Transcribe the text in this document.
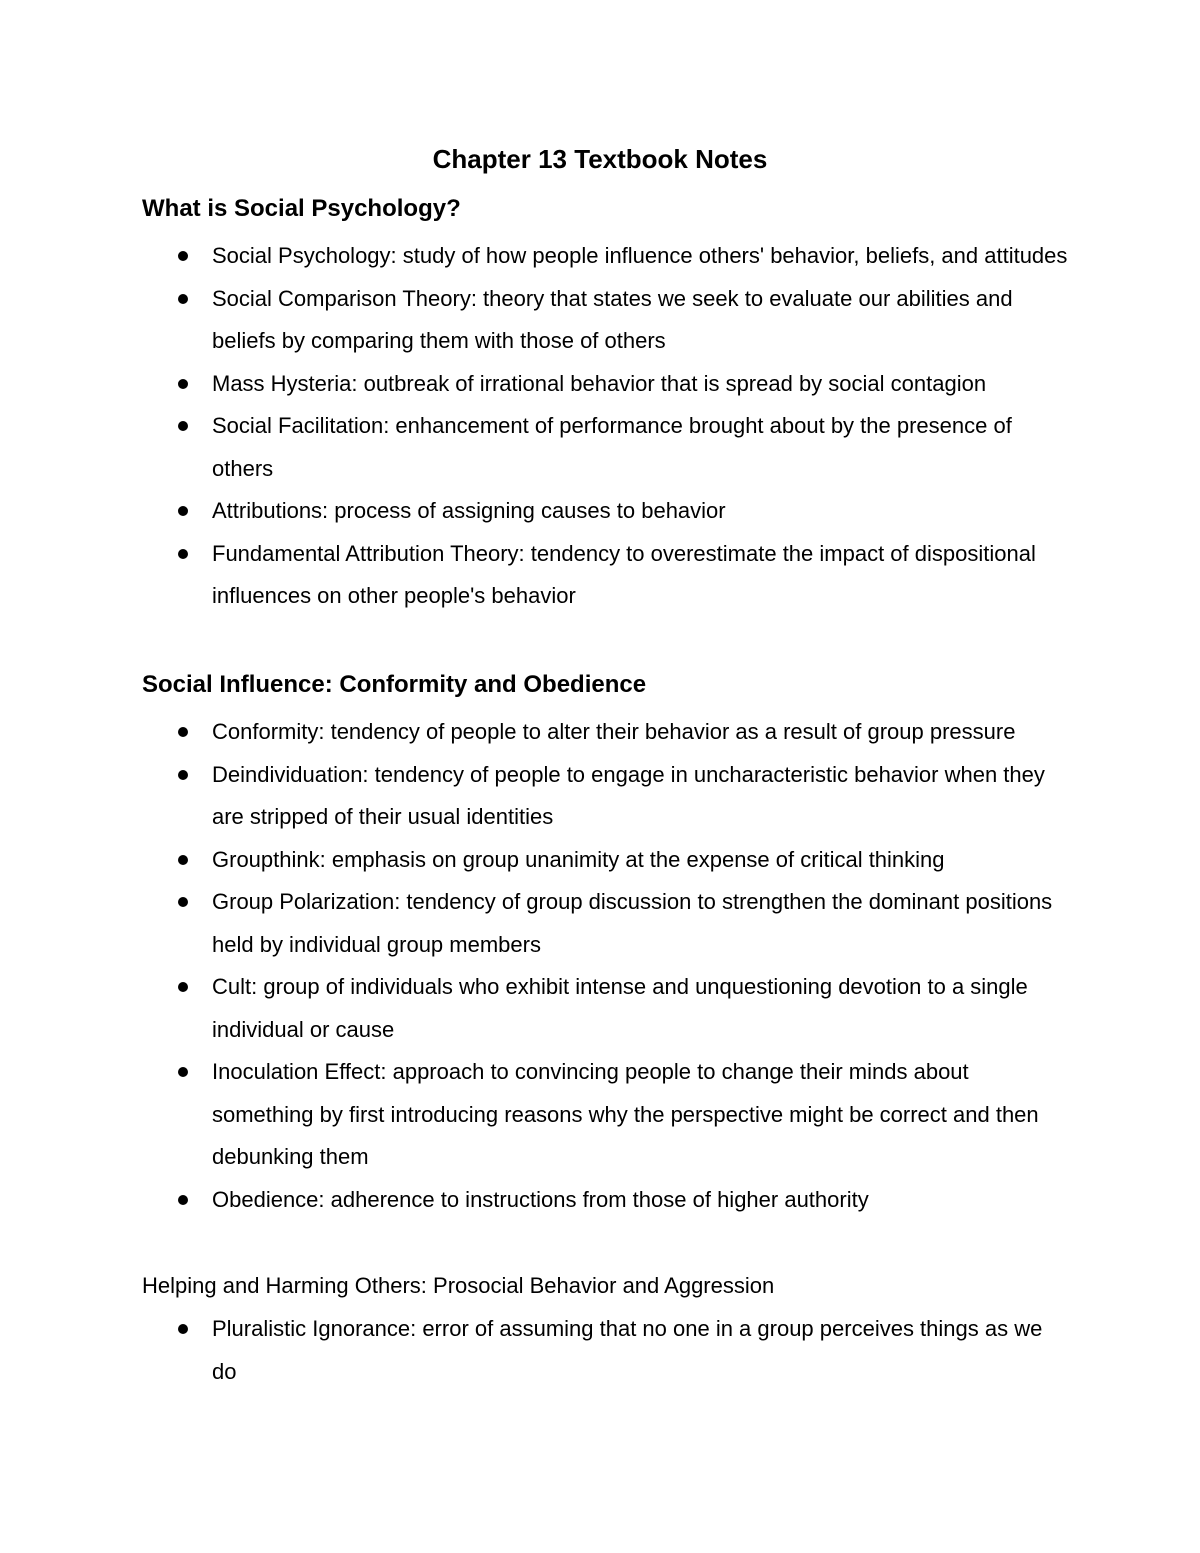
Chapter 13 Textbook Notes
What is Social Psychology?
Social Psychology: study of how people influence others' behavior, beliefs, and attitudes
Social Comparison Theory: theory that states we seek to evaluate our abilities and beliefs by comparing them with those of others
Mass Hysteria: outbreak of irrational behavior that is spread by social contagion
Social Facilitation: enhancement of performance brought about by the presence of others
Attributions: process of assigning causes to behavior
Fundamental Attribution Theory: tendency to overestimate the impact of dispositional influences on other people's behavior
Social Influence: Conformity and Obedience
Conformity: tendency of people to alter their behavior as a result of group pressure
Deindividuation: tendency of people to engage in uncharacteristic behavior when they are stripped of their usual identities
Groupthink: emphasis on group unanimity at the expense of critical thinking
Group Polarization: tendency of group discussion to strengthen the dominant positions held by individual group members
Cult: group of individuals who exhibit intense and unquestioning devotion to a single individual or cause
Inoculation Effect: approach to convincing people to change their minds about something by first introducing reasons why the perspective might be correct and then debunking them
Obedience: adherence to instructions from those of higher authority
Helping and Harming Others: Prosocial Behavior and Aggression
Pluralistic Ignorance: error of assuming that no one in a group perceives things as we do
